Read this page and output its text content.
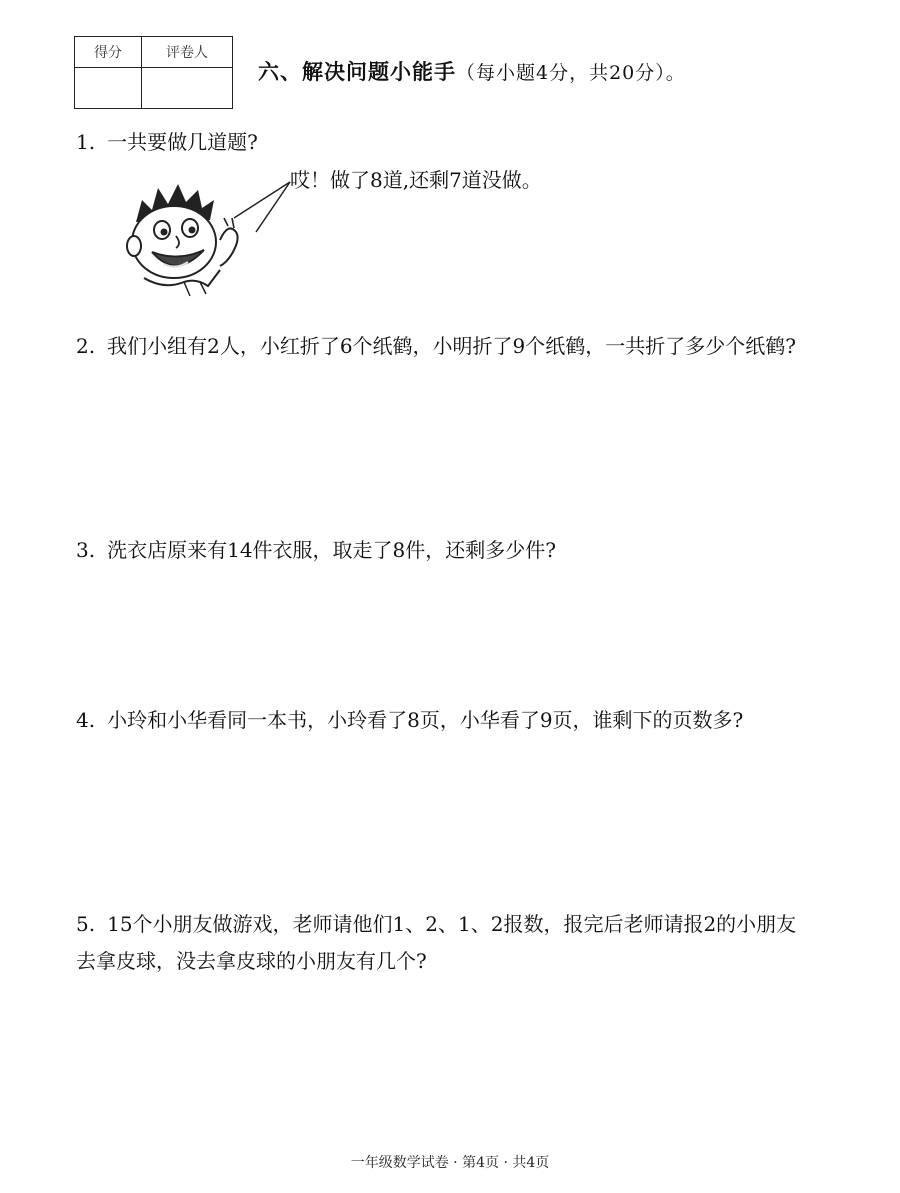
得分	评卷人

六、解决问题小能手（每小题4分，共20分）。
1. 一共要做几道题?
哎！做了8道,还剩7道没做。
2. 我们小组有2人，小红折了6个纸鹤，小明折了9个纸鹤，一共折了多少个纸鹤?
3. 洗衣店原来有14件衣服，取走了8件，还剩多少件?
4. 小玲和小华看同一本书，小玲看了8页，小华看了9页，谁剩下的页数多?
5. 15个小朋友做游戏，老师请他们1、2、1、2报数，报完后老师请报2的小朋友去拿皮球，没去拿皮球的小朋友有几个?
一年级数学试卷 · 第4页 · 共4页
